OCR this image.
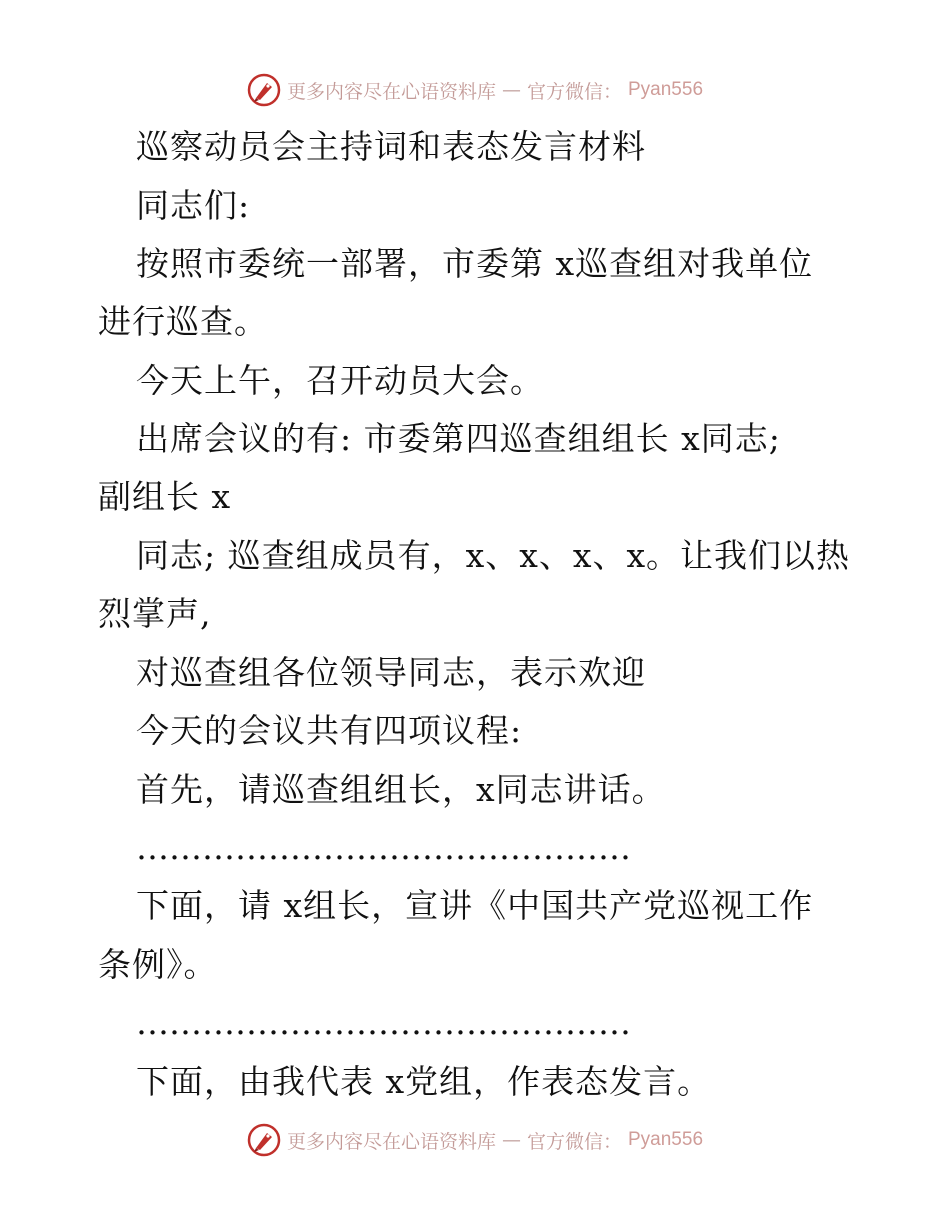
更多内容尽在心语资料库 — 官方微信： Pyan556
巡察动员会主持词和表态发言材料
同志们:
按照市委统一部署，市委第 x巡查组对我单位
进行巡查。
今天上午，召开动员大会。
出席会议的有: 市委第四巡查组组长 x同志;
副组长 x
同志; 巡查组成员有，x、x、x、x。让我们以热
烈掌声,
对巡查组各位领导同志，表示欢迎
今天的会议共有四项议程:
首先，请巡查组组长，x同志讲话。
………………………………………
下面，请 x组长，宣讲《中国共产党巡视工作
条例》。
………………………………………
下面，由我代表 x党组，作表态发言。
更多内容尽在心语资料库 — 官方微信： Pyan556
